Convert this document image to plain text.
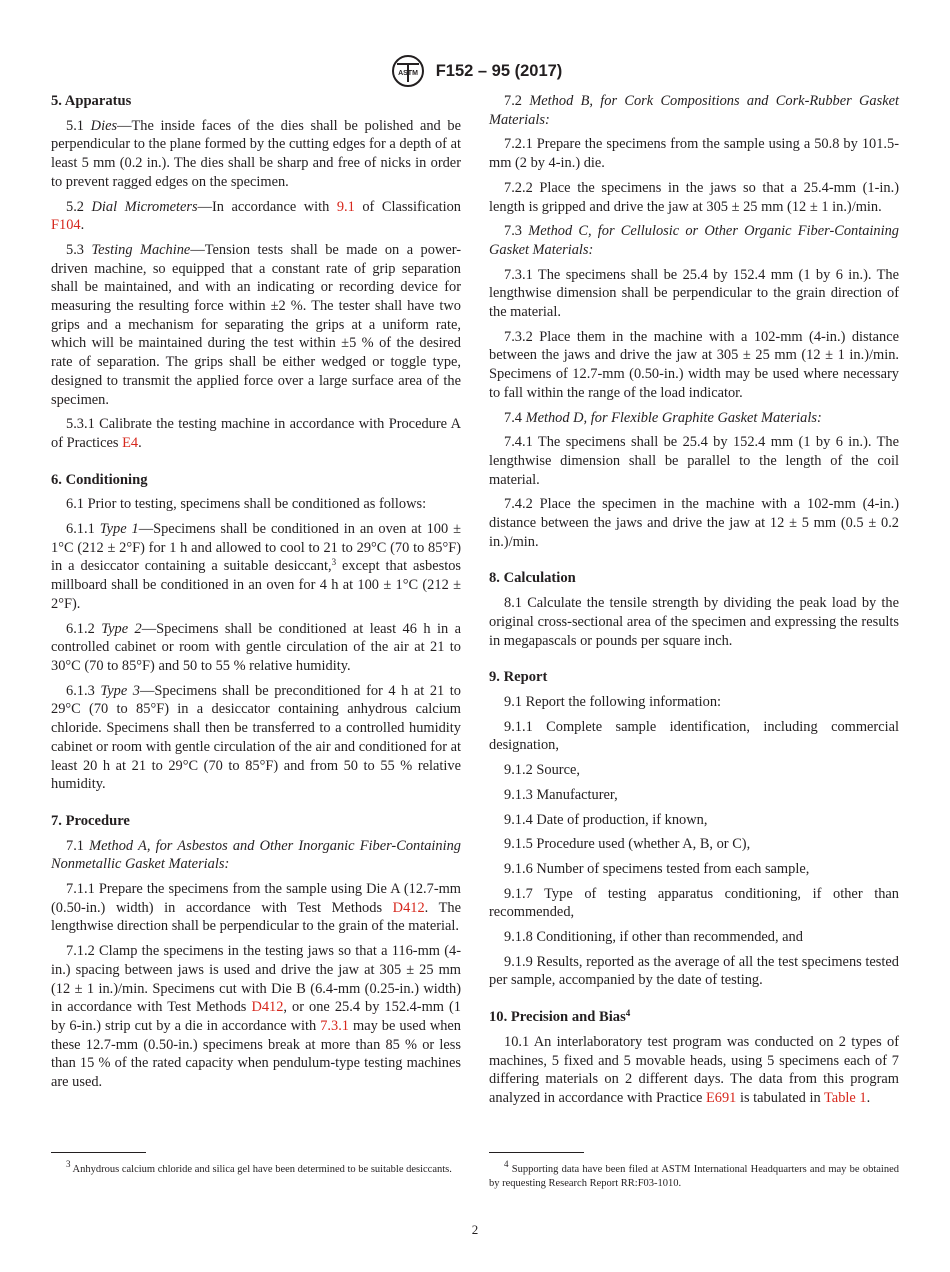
ASTM F152 – 95 (2017)
5. Apparatus

5.1 Dies—The inside faces of the dies shall be polished and be perpendicular to the plane formed by the cutting edges for a depth of at least 5 mm (0.2 in.). The dies shall be sharp and free of nicks in order to prevent ragged edges on the specimen.

5.2 Dial Micrometers—In accordance with 9.1 of Classification F104.

5.3 Testing Machine—Tension tests shall be made on a power-driven machine, so equipped that a constant rate of grip separation shall be maintained, and with an indicating or recording device for measuring the resulting force within ±2 %. The tester shall have two grips and a mechanism for separating the grips at a uniform rate, which will be maintained during the test within ±5 % of the desired rate of separation. The grips shall be either wedged or toggle type, designed to transmit the applied force over a large surface area of the specimen.

5.3.1 Calibrate the testing machine in accordance with Procedure A of Practices E4.

6. Conditioning

6.1 Prior to testing, specimens shall be conditioned as follows:

6.1.1 Type 1—Specimens shall be conditioned in an oven at 100 ± 1°C (212 ± 2°F) for 1 h and allowed to cool to 21 to 29°C (70 to 85°F) in a desiccator containing a suitable desiccant,$^3$ except that asbestos millboard shall be conditioned in an oven for 4 h at 100 ± 1°C (212 ± 2°F).

6.1.2 Type 2—Specimens shall be conditioned at least 46 h in a controlled cabinet or room with gentle circulation of the air at 21 to 30°C (70 to 85°F) and 50 to 55 % relative humidity.

6.1.3 Type 3—Specimens shall be preconditioned for 4 h at 21 to 29°C (70 to 85°F) in a desiccator containing anhydrous calcium chloride. Specimens shall then be transferred to a controlled humidity cabinet or room with gentle circulation of the air and conditioned for at least 20 h at 21 to 29°C (70 to 85°F) and from 50 to 55 % relative humidity.

7. Procedure

7.1 Method A, for Asbestos and Other Inorganic Fiber-Containing Nonmetallic Gasket Materials:

7.1.1 Prepare the specimens from the sample using Die A (12.7-mm (0.50-in.) width) in accordance with Test Methods D412. The lengthwise direction shall be perpendicular to the grain of the material.

7.1.2 Clamp the specimens in the testing jaws so that a 116-mm (4-in.) spacing between jaws is used and drive the jaw at 305 ± 25 mm (12 ± 1 in.)/min. Specimens cut with Die B (6.4-mm (0.25-in.) width) in accordance with Test Methods D412, or one 25.4 by 152.4-mm (1 by 6-in.) strip cut by a die in accordance with 7.3.1 may be used when these 12.7-mm (0.50-in.) specimens break at more than 85 % or less than 15 % of the rated capacity when pendulum-type testing machines are used.

7.2 Method B, for Cork Compositions and Cork-Rubber Gasket Materials:

7.2.1 Prepare the specimens from the sample using a 50.8 by 101.5-mm (2 by 4-in.) die.

7.2.2 Place the specimens in the jaws so that a 25.4-mm (1-in.) length is gripped and drive the jaw at 305 ± 25 mm (12 ± 1 in.)/min.

7.3 Method C, for Cellulosic or Other Organic Fiber-Containing Gasket Materials:

7.3.1 The specimens shall be 25.4 by 152.4 mm (1 by 6 in.). The lengthwise dimension shall be perpendicular to the grain direction of the material.

7.3.2 Place them in the machine with a 102-mm (4-in.) distance between the jaws and drive the jaw at 305 ± 25 mm (12 ± 1 in.)/min. Specimens of 12.7-mm (0.50-in.) width may be used where necessary to fall within the range of the load indicator.

7.4 Method D, for Flexible Graphite Gasket Materials:

7.4.1 The specimens shall be 25.4 by 152.4 mm (1 by 6 in.). The lengthwise dimension shall be parallel to the length of the coil material.

7.4.2 Place the specimen in the machine with a 102-mm (4-in.) distance between the jaws and drive the jaw at 12 ± 5 mm (0.5 ± 0.2 in.)/min.

8. Calculation

8.1 Calculate the tensile strength by dividing the peak load by the original cross-sectional area of the specimen and expressing the results in megapascals or pounds per square inch.

9. Report

9.1 Report the following information:

9.1.1 Complete sample identification, including commercial designation,

9.1.2 Source,

9.1.3 Manufacturer,

9.1.4 Date of production, if known,

9.1.5 Procedure used (whether A, B, or C),

9.1.6 Number of specimens tested from each sample,

9.1.7 Type of testing apparatus conditioning, if other than recommended,

9.1.8 Conditioning, if other than recommended, and

9.1.9 Results, reported as the average of all the test specimens tested per sample, accompanied by the date of testing.

10. Precision and Bias$^4$

10.1 An interlaboratory test program was conducted on 2 types of machines, 5 fixed and 5 movable heads, using 5 specimens each of 7 differing materials on 2 different days. The data from this program analyzed in accordance with Practice E691 is tabulated in Table 1.

$^3$ Anhydrous calcium chloride and silica gel have been determined to be suitable desiccants.	$^4$ Supporting data have been filed at ASTM International Headquarters and may be obtained by requesting Research Report RR:F03-1010.
2
